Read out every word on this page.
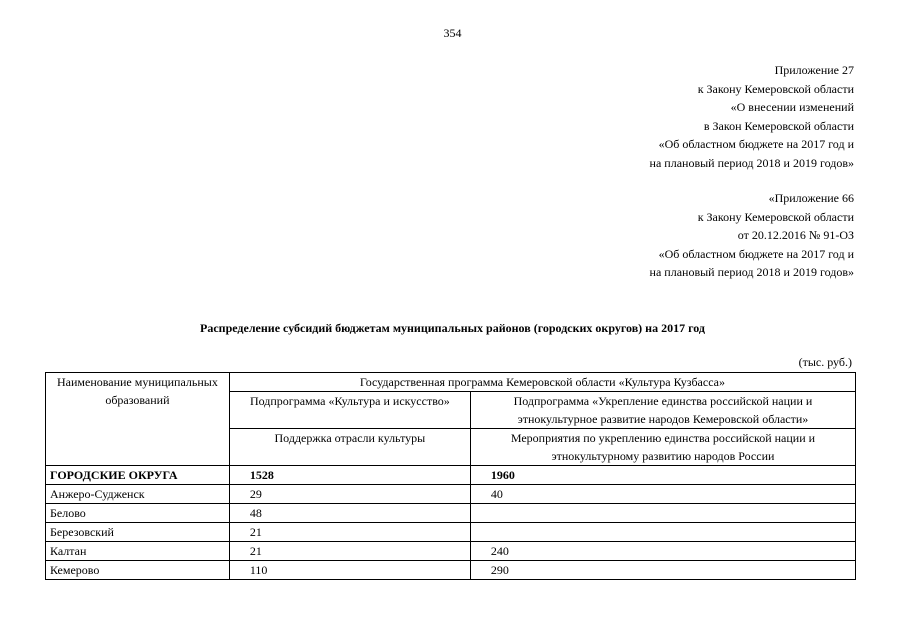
354
Приложение 27
к Закону Кемеровской области
«О внесении изменений
в Закон Кемеровской области
«Об областном бюджете на 2017 год и
на плановый период 2018 и 2019 годов»
«Приложение 66
к Закону Кемеровской области
от 20.12.2016 № 91-ОЗ
«Об областном бюджете на 2017 год и
на плановый период 2018 и 2019 годов»
Распределение субсидий бюджетам муниципальных районов (городских округов) на 2017 год
(тыс. руб.)
Наименование муниципальных образований	Государственная программа Кемеровской области «Культура Кузбасса»	
	Подпрограмма «Культура и искусство»	Подпрограмма «Укрепление единства российской нации и этнокультурное развитие народов Кемеровской области»
	Поддержка отрасли культуры	Мероприятия по укреплению единства российской нации и этнокультурному развитию народов России
ГОРОДСКИЕ ОКРУГА	1528	1960
Анжеро-Судженск	29	40
Белово	48	
Березовский	21	
Калтан	21	240
Кемерово	110	290
